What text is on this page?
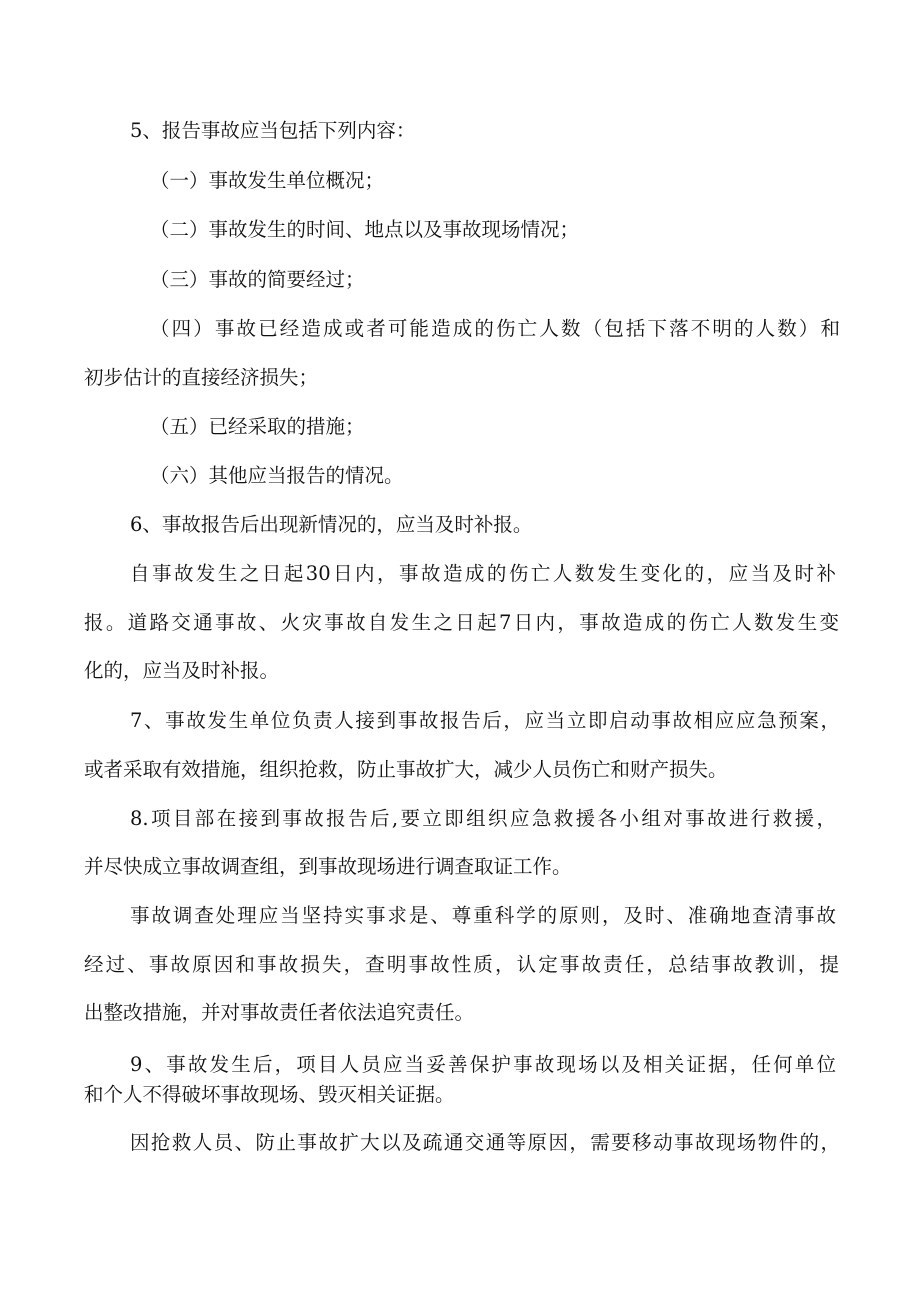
5、报告事故应当包括下列内容：
（一）事故发生单位概况；
（二）事故发生的时间、地点以及事故现场情况；
（三）事故的简要经过；
（四）事故已经造成或者可能造成的伤亡人数（包括下落不明的人数）和
初步估计的直接经济损失；
（五）已经采取的措施；
（六）其他应当报告的情况。
6、事故报告后出现新情况的，应当及时补报。
自事故发生之日起30日内，事故造成的伤亡人数发生变化的，应当及时补
报。道路交通事故、火灾事故自发生之日起7日内，事故造成的伤亡人数发生变
化的，应当及时补报。
7、事故发生单位负责人接到事故报告后，应当立即启动事故相应应急预案，
或者采取有效措施，组织抢救，防止事故扩大，减少人员伤亡和财产损失。
8.项目部在接到事故报告后,要立即组织应急救援各小组对事故进行救援，
并尽快成立事故调查组，到事故现场进行调查取证工作。
事故调查处理应当坚持实事求是、尊重科学的原则，及时、准确地查清事故
经过、事故原因和事故损失，查明事故性质，认定事故责任，总结事故教训，提
出整改措施，并对事故责任者依法追究责任。
9、事故发生后，项目人员应当妥善保护事故现场以及相关证据，任何单位
和个人不得破坏事故现场、毁灭相关证据。
因抢救人员、防止事故扩大以及疏通交通等原因，需要移动事故现场物件的，
